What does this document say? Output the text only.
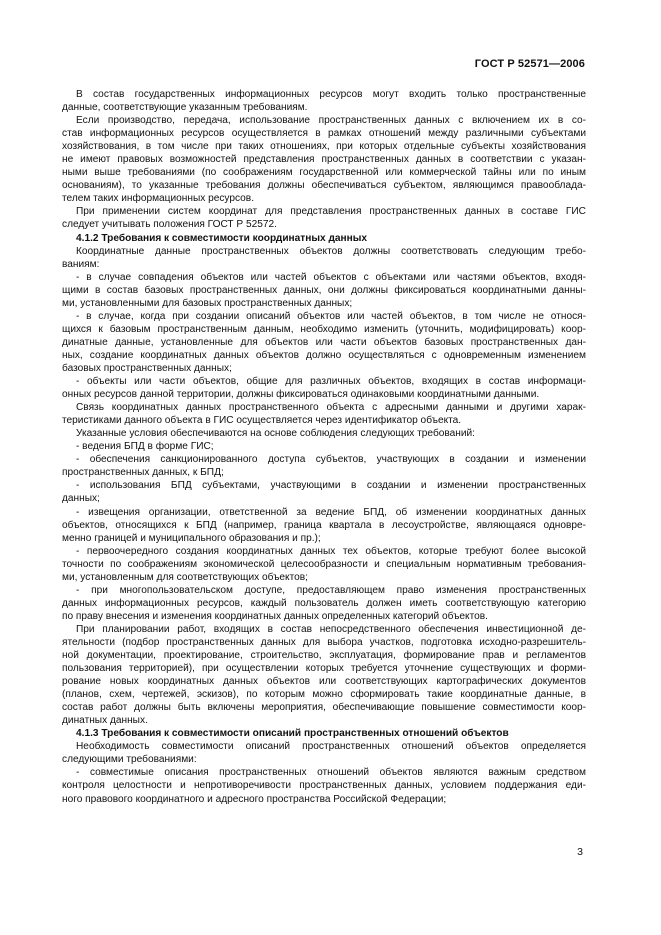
ГОСТ Р 52571—2006

В состав государственных информационных ресурсов могут входить только пространственные
данные, соответствующие указанным требованиям.

Если производство, передача, использование пространственных данных с включением их в со-
став информационных ресурсов осуществляется в рамках отношений между различными субъектами
хозяйствования, в том числе при таких отношениях, при которых отдельные субъекты хозяйствования
не имеют правовых возможностей представления пространственных данных в соответствии с указан-
ными выше требованиями (по соображениям государственной или коммерческой тайны или по иным
основаниям), то указанные требования должны обеспечиваться субъектом, являющимся правооблада-
телем таких информационных ресурсов.

При применении систем координат для представления пространственных данных в составе ГИС
следует учитывать положения ГОСТ Р 52572.

4.1.2 Требования к совместимости координатных данных

Координатные данные пространственных объектов должны соответствовать следующим требо-
ваниям:

- в случае совпадения объектов или частей объектов с объектами или частями объектов, входя-
щими в состав базовых пространственных данных, они должны фиксироваться координатными данны-
ми, установленными для базовых пространственных данных;

- в случае, когда при создании описаний объектов или частей объектов, в том числе не относя-
щихся к базовым пространственным данным, необходимо изменить (уточнить, модифицировать) коор-
динатные данные, установленные для объектов или части объектов базовых пространственных дан-
ных, создание координатных данных объектов должно осуществляться с одновременным изменением
базовых пространственных данных;

- объекты или части объектов, общие для различных объектов, входящих в состав информаци-
онных ресурсов данной территории, должны фиксироваться одинаковыми координатными данными.

Связь координатных данных пространственного объекта с адресными данными и другими харак-
теристиками данного объекта в ГИС осуществляется через идентификатор объекта.

Указанные условия обеспечиваются на основе соблюдения следующих требований:

- ведения БПД в форме ГИС;

- обеспечения санкционированного доступа субъектов, участвующих в создании и изменении
пространственных данных, к БПД;

- использования БПД субъектами, участвующими в создании и изменении пространственных
данных;

- извещения организации, ответственной за ведение БПД, об изменении координатных данных
объектов, относящихся к БПД (например, граница квартала в лесоустройстве, являющаяся одновре-
менно границей и муниципального образования и пр.);

- первоочередного создания координатных данных тех объектов, которые требуют более высокой
точности по соображениям экономической целесообразности и специальным нормативным требования-
ми, установленным для соответствующих объектов;

- при многопользовательском доступе, предоставляющем право изменения пространственных
данных информационных ресурсов, каждый пользователь должен иметь соответствующую категорию
по праву внесения и изменения координатных данных определенных категорий объектов.

При планировании работ, входящих в состав непосредственного обеспечения инвестиционной де-
ятельности (подбор пространственных данных для выбора участков, подготовка исходно-разрешитель-
ной документации, проектирование, строительство, эксплуатация, формирование прав и регламентов
пользования территорией), при осуществлении которых требуется уточнение существующих и форми-
рование новых координатных данных объектов или соответствующих картографических документов
(планов, схем, чертежей, эскизов), по которым можно сформировать такие координатные данные, в
состав работ должны быть включены мероприятия, обеспечивающие повышение совместимости коор-
динатных данных.

4.1.3 Требования к совместимости описаний пространственных отношений объектов

Необходимость совместимости описаний пространственных отношений объектов определяется
следующими требованиями:

- совместимые описания пространственных отношений объектов являются важным средством
контроля целостности и непротиворечивости пространственных данных, условием поддержания еди-
ного правового координатного и адресного пространства Российской Федерации;

3
